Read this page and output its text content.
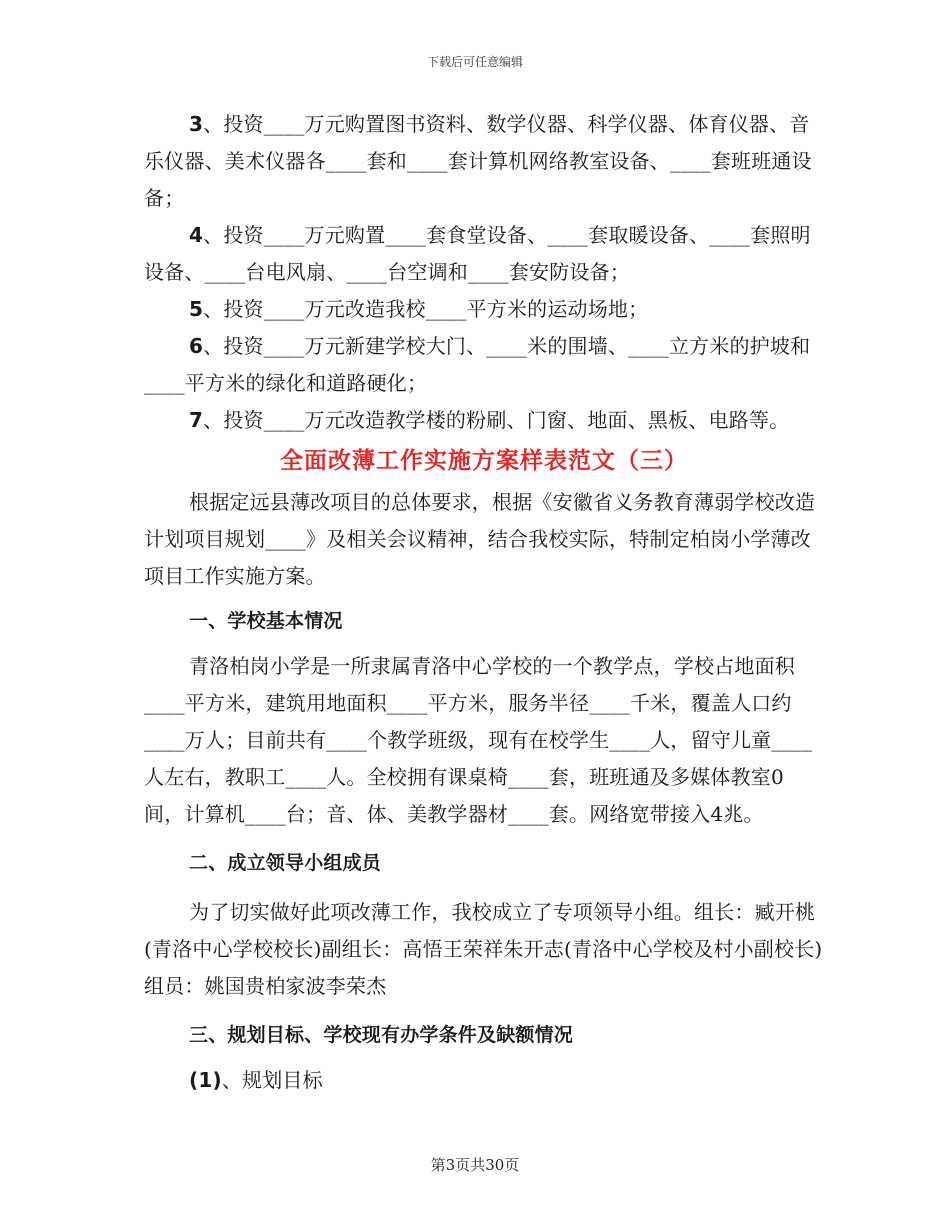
下载后可任意编辑

3、投资____万元购置图书资料、数学仪器、科学仪器、体育仪器、音乐仪器、美术仪器各____套和____套计算机网络教室设备、____套班班通设备；

4、投资____万元购置____套食堂设备、____套取暖设备、____套照明设备、____台电风扇、____台空调和____套安防设备；

5、投资____万元改造我校____平方米的运动场地；

6、投资____万元新建学校大门、____米的围墙、____立方米的护坡和____平方米的绿化和道路硬化；

7、投资____万元改造教学楼的粉刷、门窗、地面、黑板、电路等。

全面改薄工作实施方案样表范文（三）

根据定远县薄改项目的总体要求，根据《安徽省义务教育薄弱学校改造计划项目规划____》及相关会议精神，结合我校实际，特制定柏岗小学薄改项目工作实施方案。

一、学校基本情况

青洛柏岗小学是一所隶属青洛中心学校的一个教学点，学校占地面积____平方米，建筑用地面积____平方米，服务半径____千米，覆盖人口约____万人；目前共有____个教学班级，现有在校学生____人，留守儿童____人左右，教职工____人。全校拥有课桌椅____套，班班通及多媒体教室0间，计算机____台；音、体、美教学器材____套。网络宽带接入4兆。

二、成立领导小组成员

为了切实做好此项改薄工作，我校成立了专项领导小组。组长：臧开桃(青洛中心学校校长)副组长：高悟王荣祥朱开志(青洛中心学校及村小副校长)组员：姚国贵柏家波李荣杰

三、规划目标、学校现有办学条件及缺额情况

(1)、规划目标

第3页共30页
